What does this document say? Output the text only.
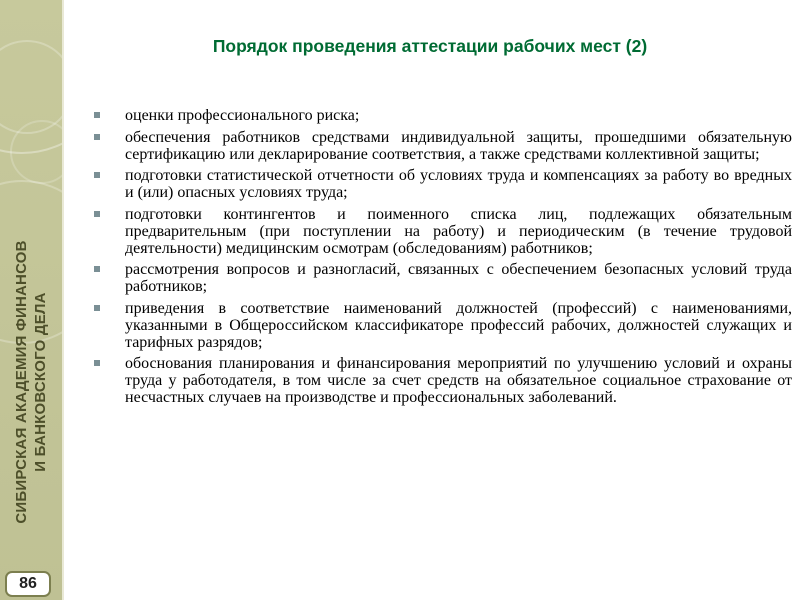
СИБИРСКАЯ АКАДЕМИЯ ФИНАНСОВ И БАНКОВСКОГО ДЕЛА
86
Порядок проведения аттестации рабочих мест (2)
оценки профессионального риска;
обеспечения работников средствами индивидуальной защиты, прошедшими обязательную сертификацию или декларирование соответствия, а также средствами коллективной защиты;
подготовки статистической отчетности об условиях труда и компенсациях за работу во вредных и (или) опасных условиях труда;
подготовки контингентов и поименного списка лиц, подлежащих обязательным предварительным (при поступлении на работу) и периодическим (в течение трудовой деятельности) медицинским осмотрам (обследованиям) работников;
рассмотрения вопросов и разногласий, связанных с обеспечением безопасных условий труда работников;
приведения в соответствие наименований должностей (профессий) с наименованиями, указанными в Общероссийском классификаторе профессий рабочих, должностей служащих и тарифных разрядов;
обоснования планирования и финансирования мероприятий по улучшению условий и охраны труда у работодателя, в том числе за счет средств на обязательное социальное страхование от несчастных случаев на производстве и профессиональных заболеваний.
